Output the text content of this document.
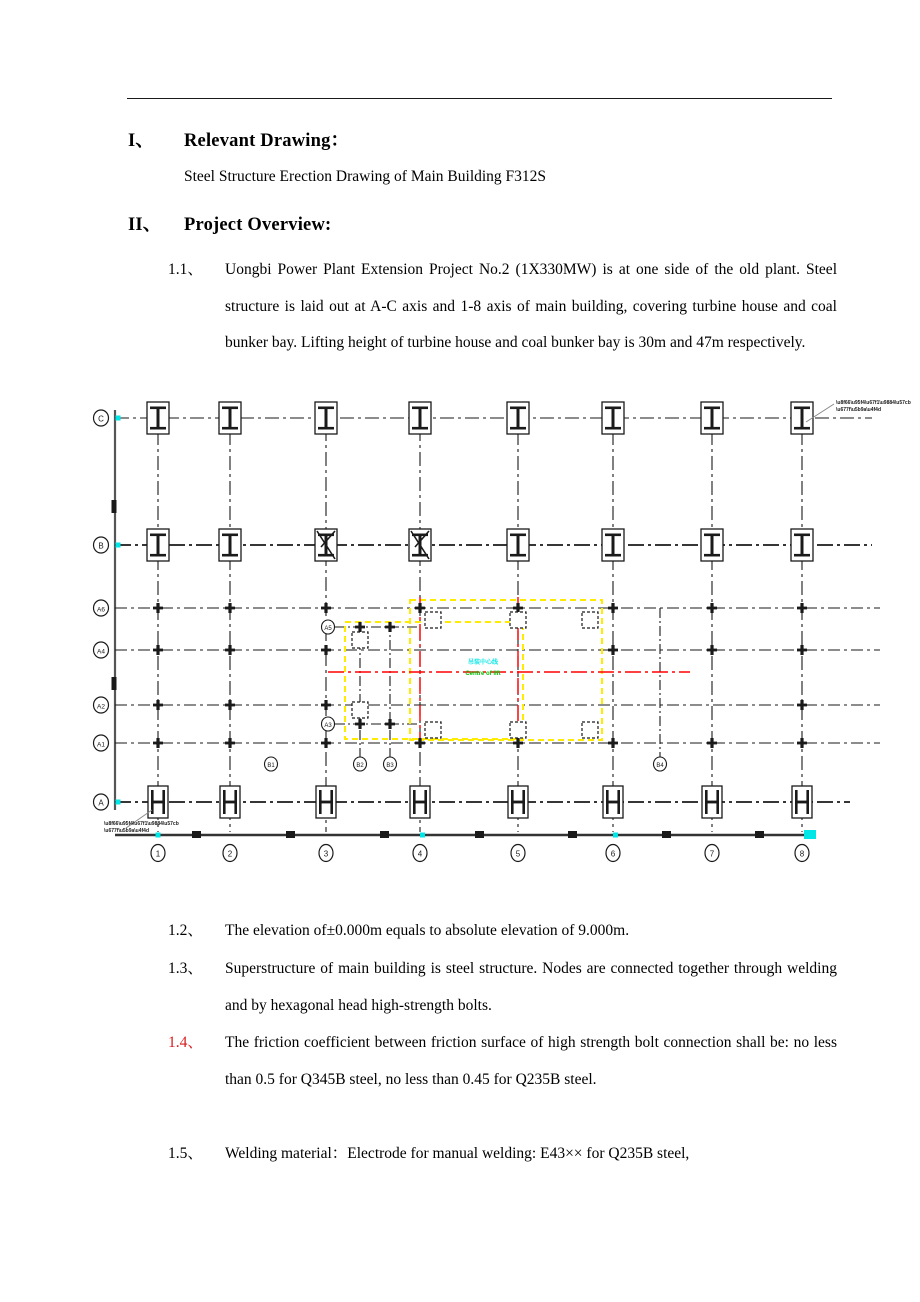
I、 Relevant Drawing：
Steel Structure Erection Drawing of Main Building F312S
II、 Project Overview:
1.1、	Uongbi Power Plant Extension Project No.2 (1X330MW) is at one side of the old plant. Steel structure is laid out at A-C axis and 1-8 axis of main building, covering turbine house and coal bunker bay. Lifting height of turbine house and coal bunker bay is 30m and 47m respectively.
C
B
A6
A4
A2
A1
A
吊装中心线
Centre of lift
A5
A3
B1	B2	B3	B4
1	2	3	4	5	6	7	8
\u8f66\u95f4\u67f1\u9884\u57cb
\u677f\u5b9a\u4f4d
\u8f66\u95f4\u67f1\u9884\u57cb
\u677f\u5b9a\u4f4d
1.2、	The elevation of±0.000m equals to absolute elevation of 9.000m.
1.3、	Superstructure of main building is steel structure. Nodes are connected together through welding and by hexagonal head high-strength bolts.
1.4、	The friction coefficient between friction surface of high strength bolt connection shall be: no less than 0.5 for Q345B steel, no less than 0.45 for Q235B steel.
1.5、	Welding material：Electrode for manual welding: E43×× for Q235B steel,
